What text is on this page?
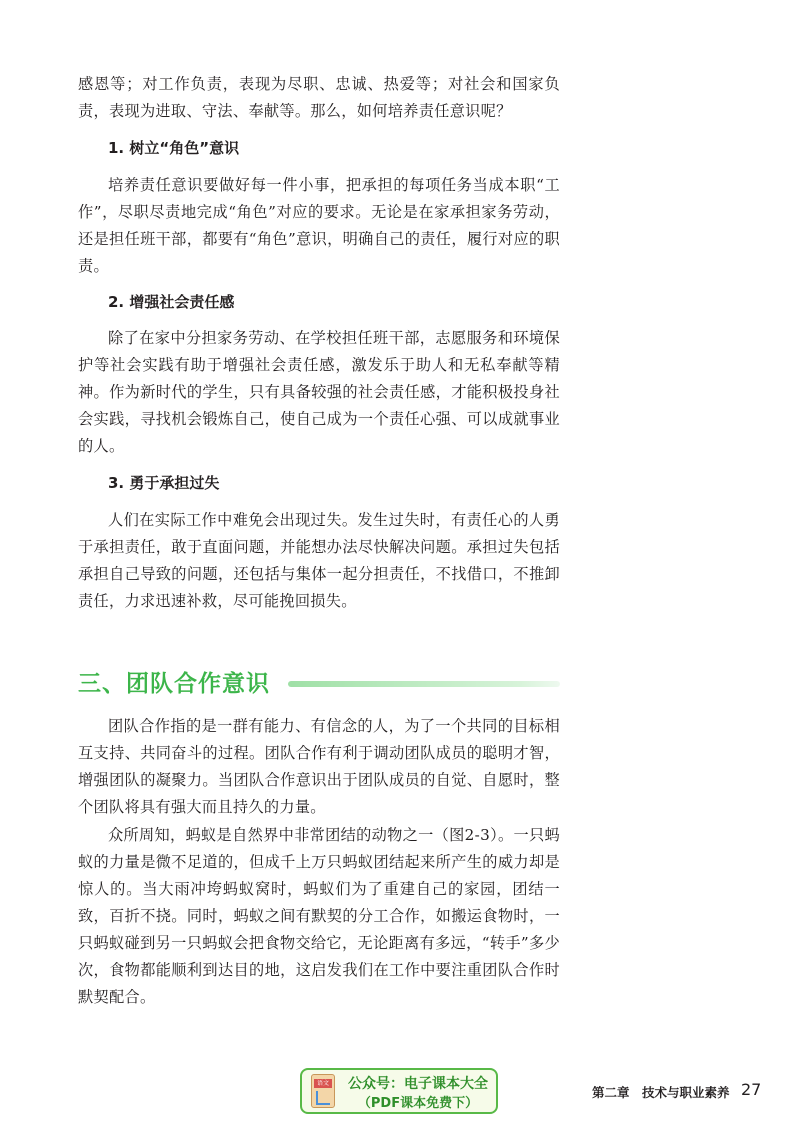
感恩等；对工作负责，表现为尽职、忠诚、热爱等；对社会和国家负责，表现为进取、守法、奉献等。那么，如何培养责任意识呢？

1. 树立“角色”意识

培养责任意识要做好每一件小事，把承担的每项任务当成本职“工作”，尽职尽责地完成“角色”对应的要求。无论是在家承担家务劳动，还是担任班干部，都要有“角色”意识，明确自己的责任，履行对应的职责。

2. 增强社会责任感

除了在家中分担家务劳动、在学校担任班干部，志愿服务和环境保护等社会实践有助于增强社会责任感，激发乐于助人和无私奉献等精神。作为新时代的学生，只有具备较强的社会责任感，才能积极投身社会实践，寻找机会锻炼自己，使自己成为一个责任心强、可以成就事业的人。

3. 勇于承担过失

人们在实际工作中难免会出现过失。发生过失时，有责任心的人勇于承担责任，敢于直面问题，并能想办法尽快解决问题。承担过失包括承担自己导致的问题，还包括与集体一起分担责任，不找借口，不推卸责任，力求迅速补救，尽可能挽回损失。

三、团队合作意识

团队合作指的是一群有能力、有信念的人，为了一个共同的目标相互支持、共同奋斗的过程。团队合作有利于调动团队成员的聪明才智，增强团队的凝聚力。当团队合作意识出于团队成员的自觉、自愿时，整个团队将具有强大而且持久的力量。

众所周知，蚂蚁是自然界中非常团结的动物之一（图2-3）。一只蚂蚁的力量是微不足道的，但成千上万只蚂蚁团结起来所产生的威力却是惊人的。当大雨冲垮蚂蚁窝时，蚂蚁们为了重建自己的家园，团结一致，百折不挠。同时，蚂蚁之间有默契的分工合作，如搬运食物时，一只蚂蚁碰到另一只蚂蚁会把食物交给它，无论距离有多远，“转手”多少次，食物都能顺利到达目的地，这启发我们在工作中要注重团队合作时默契配合。

语文	公众号：电子课本大全
（PDF课本免费下）
第二章　技术与职业素养 27
